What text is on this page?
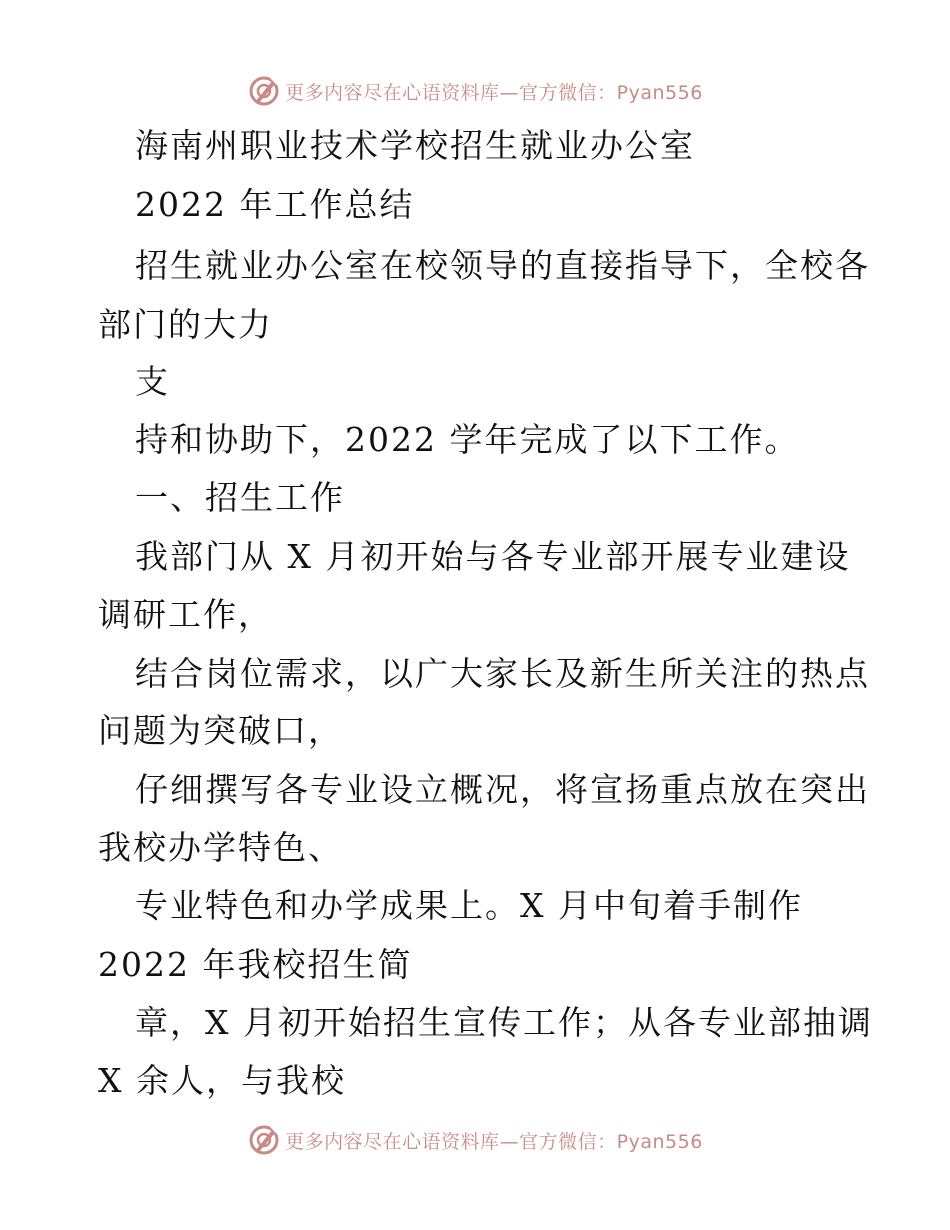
更多内容尽在心语资料库—官方微信：Pyan556
海南州职业技术学校招生就业办公室
2022 年工作总结
招生就业办公室在校领导的直接指导下，全校各
部门的大力
支
持和协助下，2022 学年完成了以下工作。
一、招生工作
我部门从 X 月初开始与各专业部开展专业建设
调研工作，
结合岗位需求，以广大家长及新生所关注的热点
问题为突破口，
仔细撰写各专业设立概况，将宣扬重点放在突出
我校办学特色、
专业特色和办学成果上。X 月中旬着手制作
2022 年我校招生简
章，X 月初开始招生宣传工作；从各专业部抽调
X 余人，与我校
更多内容尽在心语资料库—官方微信：Pyan556
